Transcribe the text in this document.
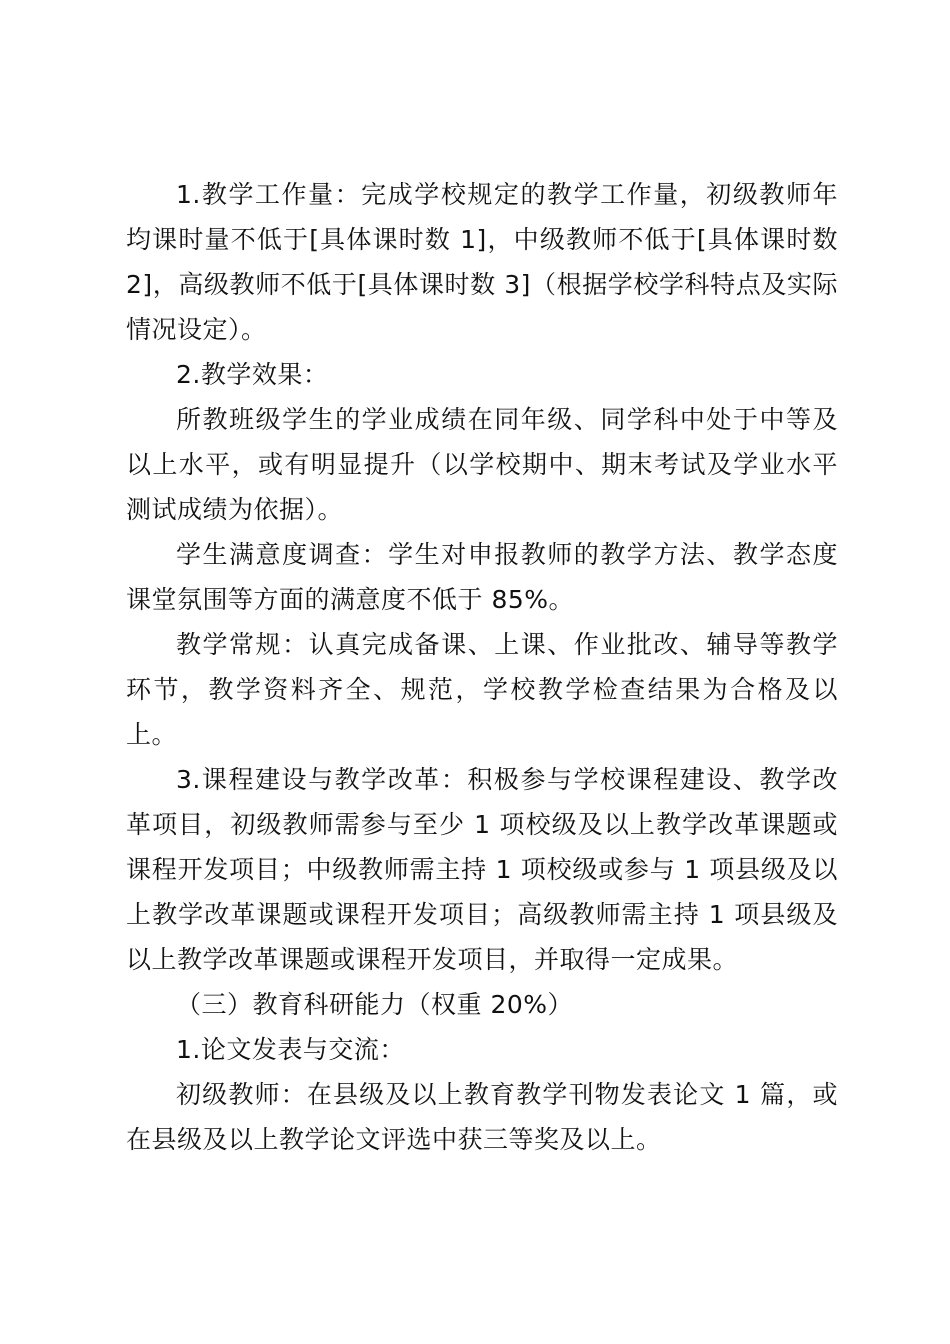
1.教学工作量：完成学校规定的教学工作量，初级教师年均课时量不低于[具体课时数 1]，中级教师不低于[具体课时数 2]，高级教师不低于[具体课时数 3]（根据学校学科特点及实际情况设定）。

2.教学效果：

所教班级学生的学业成绩在同年级、同学科中处于中等及以上水平，或有明显提升（以学校期中、期末考试及学业水平测试成绩为依据）。

学生满意度调查：学生对申报教师的教学方法、教学态度课堂氛围等方面的满意度不低于 85%。

教学常规：认真完成备课、上课、作业批改、辅导等教学环节，教学资料齐全、规范，学校教学检查结果为合格及以上。

3.课程建设与教学改革：积极参与学校课程建设、教学改革项目，初级教师需参与至少 1 项校级及以上教学改革课题或课程开发项目；中级教师需主持 1 项校级或参与 1 项县级及以上教学改革课题或课程开发项目；高级教师需主持 1 项县级及以上教学改革课题或课程开发项目，并取得一定成果。

（三）教育科研能力（权重 20%）

1.论文发表与交流：

初级教师：在县级及以上教育教学刊物发表论文 1 篇，或在县级及以上教学论文评选中获三等奖及以上。
